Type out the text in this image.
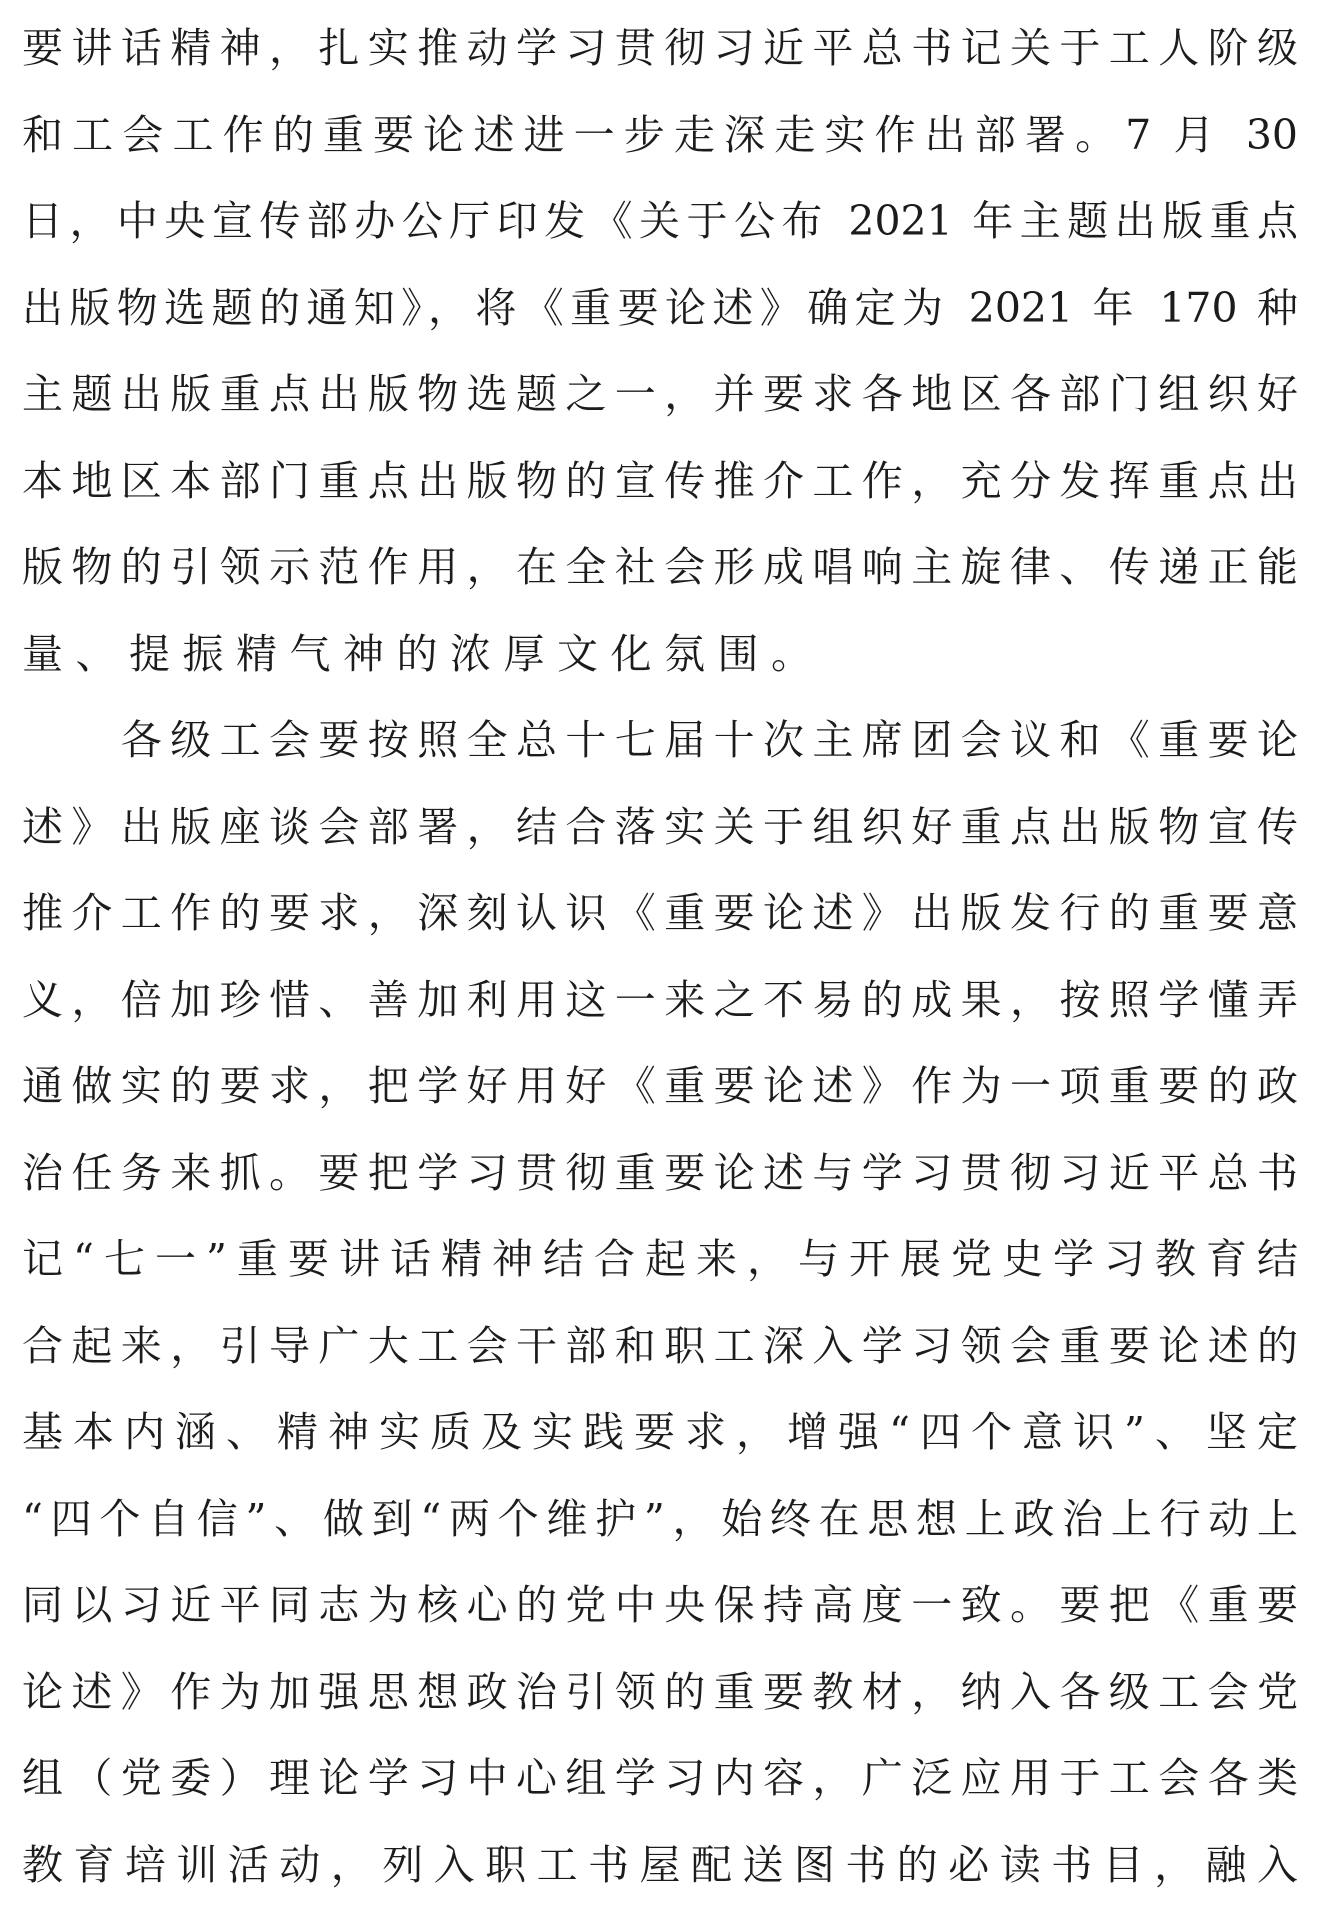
要讲话精神，扎实推动学习贯彻习近平总书记关于工人阶级
和工会工作的重要论述进一步走深走实作出部署。7 月 30
日，中央宣传部办公厅印发《关于公布 2021 年主题出版重点
出版物选题的通知》，将《重要论述》确定为 2021 年 170 种
主题出版重点出版物选题之一，并要求各地区各部门组织好
本地区本部门重点出版物的宣传推介工作，充分发挥重点出
版物的引领示范作用，在全社会形成唱响主旋律、传递正能
量、提振精气神的浓厚文化氛围。
　　各级工会要按照全总十七届十次主席团会议和《重要论
述》出版座谈会部署，结合落实关于组织好重点出版物宣传
推介工作的要求，深刻认识《重要论述》出版发行的重要意
义，倍加珍惜、善加利用这一来之不易的成果，按照学懂弄
通做实的要求，把学好用好《重要论述》作为一项重要的政
治任务来抓。要把学习贯彻重要论述与学习贯彻习近平总书
记“七一”重要讲话精神结合起来，与开展党史学习教育结
合起来，引导广大工会干部和职工深入学习领会重要论述的
基本内涵、精神实质及实践要求，增强“四个意识”、坚定
“四个自信”、做到“两个维护”，始终在思想上政治上行动上
同以习近平同志为核心的党中央保持高度一致。要把《重要
论述》作为加强思想政治引领的重要教材，纳入各级工会党
组（党委）理论学习中心组学习内容，广泛应用于工会各类
教育培训活动，列入职工书屋配送图书的必读书目，融入
